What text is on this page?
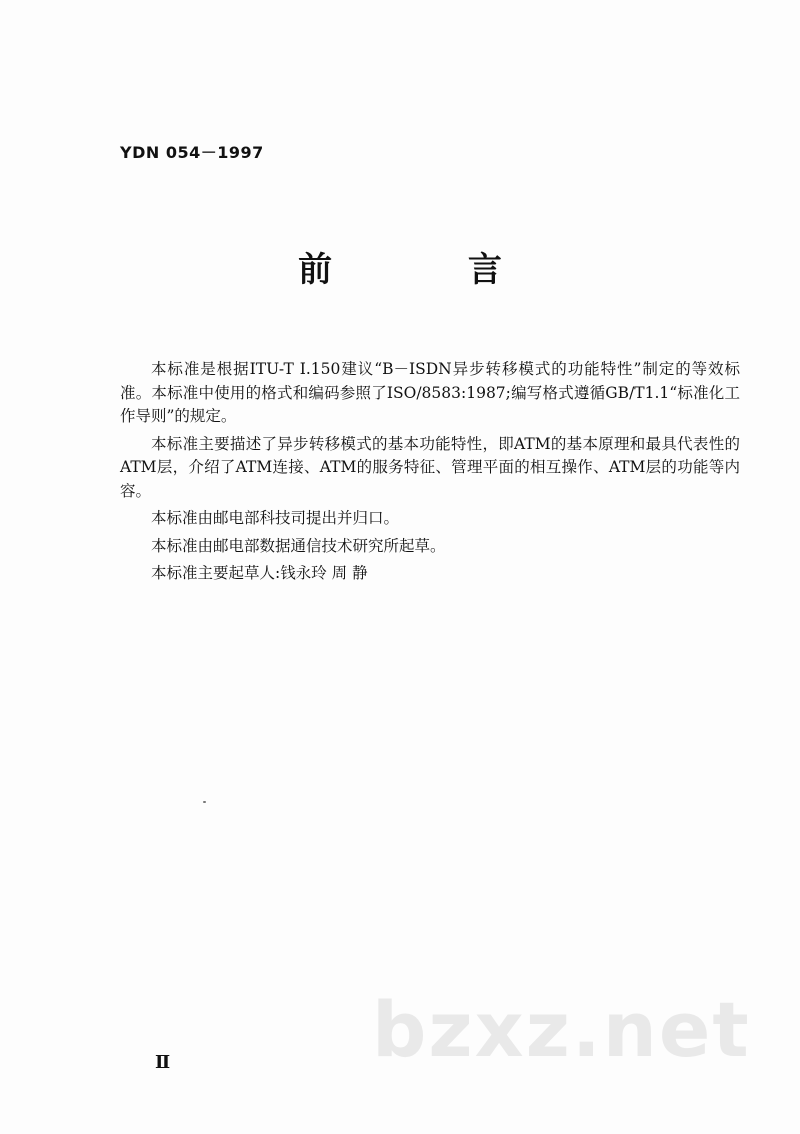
YDN 054－1997
前 言

本标准是根据ITU-T I.150建议“B－ISDN异步转移模式的功能特性”制定的等效标准。本标准中使用的格式和编码参照了ISO/8583:1987;编写格式遵循GB/T1.1“标准化工作导则”的规定。

本标准主要描述了异步转移模式的基本功能特性，即ATM的基本原理和最具代表性的ATM层，介绍了ATM连接、ATM的服务特征、管理平面的相互操作、ATM层的功能等内容。

本标准由邮电部科技司提出并归口。

本标准由邮电部数据通信技术研究所起草。

本标准主要起草人:钱永玲 周 静

bzxz.net
Ⅱ
